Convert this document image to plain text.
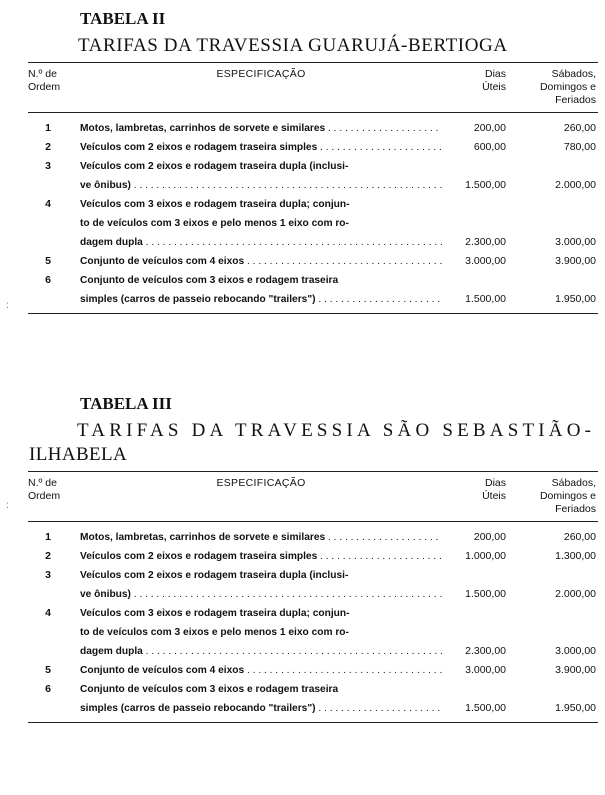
:
:
TABELA II
TARIFAS DA TRAVESSIA GUARUJÁ-BERTIOGA
N.º de
Ordem
ESPECIFICAÇÃO	Dias
Úteis
Sábados,
Domingos e
Feriados
1	Motos, lambretas, carrinhos de sorvete e similares . . .	200,00	260,00
2	Veículos com 2 eixos e rodagem traseira simples . . .	600,00	780,00
3	Veículos com 2 eixos e rodagem traseira dupla (inclusi-
ve ônibus) . . .	1.500,00	2.000,00
4	Veículos com 3 eixos e rodagem traseira dupla; conjun-
to de veículos com 3 eixos e pelo menos 1 eixo com ro-
dagem dupla . . .	2.300,00	3.000,00
5	Conjunto de veículos com 4 eixos . . .	3.000,00	3.900,00
6	Conjunto de veículos com 3 eixos e rodagem traseira
simples (carros de passeio rebocando "trailers") . . .	1.500,00	1.950,00
TABELA III
TARIFAS DA TRAVESSIA SÃO SEBASTIÃO-
ILHABELA
N.º de
Ordem
ESPECIFICAÇÃO	Dias
Úteis
Sábados,
Domingos e
Feriados
1	Motos, lambretas, carrinhos de sorvete e similares . . .	200,00	260,00
2	Veículos com 2 eixos e rodagem traseira simples . . .	1.000,00	1.300,00
3	Veículos com 2 eixos e rodagem traseira dupla (inclusi-
ve ônibus) . . .	1.500,00	2.000,00
4	Veículos com 3 eixos e rodagem traseira dupla; conjun-
to de veículos com 3 eixos e pelo menos 1 eixo com ro-
dagem dupla . . .	2.300,00	3.000,00
5	Conjunto de veículos com 4 eixos . . .	3.000,00	3.900,00
6	Conjunto de veículos com 3 eixos e rodagem traseira
simples (carros de passeio rebocando "trailers") . . .	1.500,00	1.950,00
